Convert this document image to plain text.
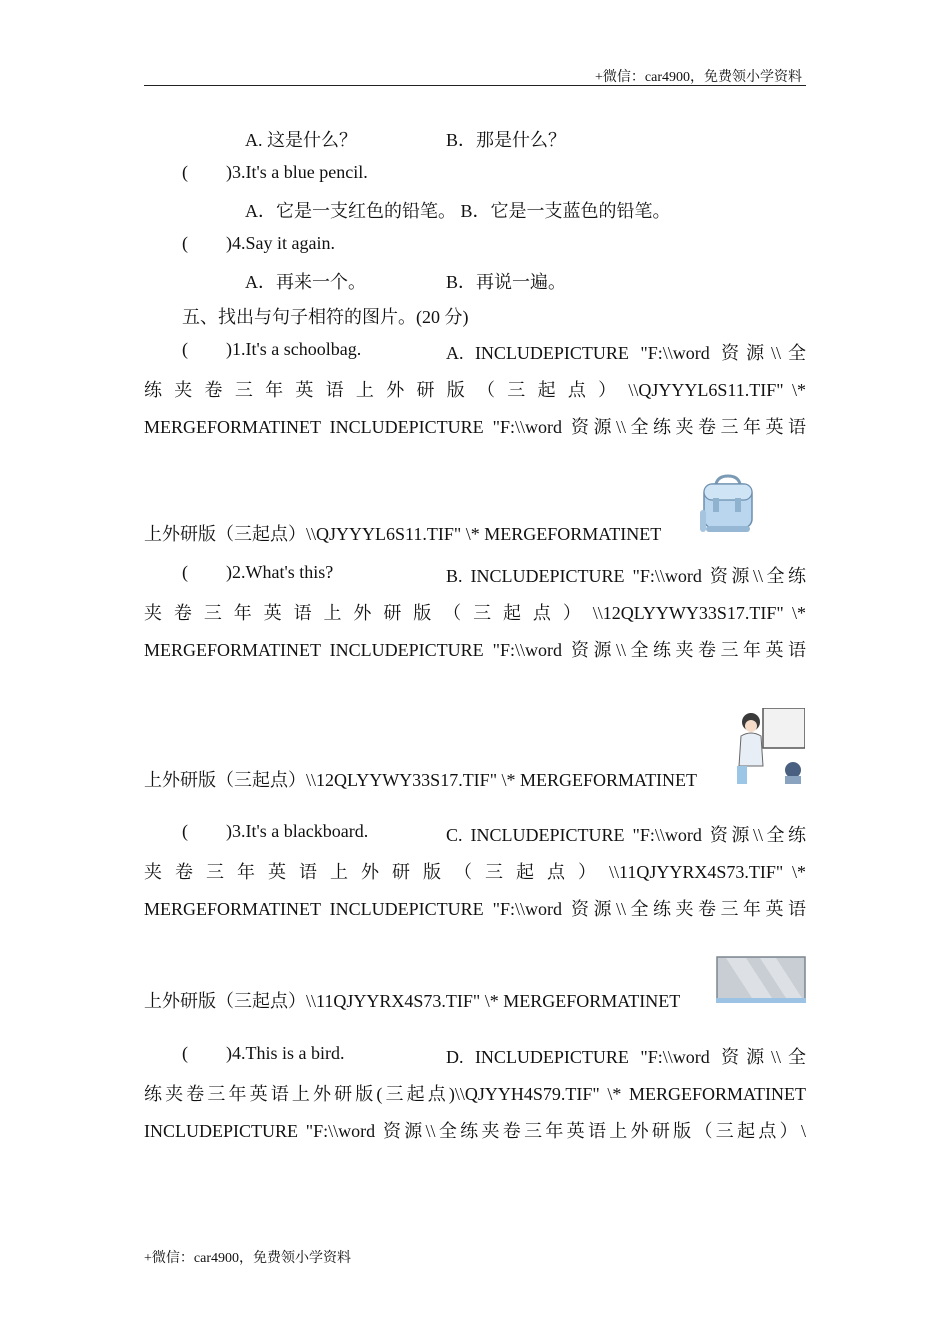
+微信：car4900，免费领小学资料
A. 这是什么？	B．那是什么？
( )3.It's a blue pencil.
A．它是一支红色的铅笔。 B．它是一支蓝色的铅笔。
( )4.Say it again.
A．再来一个。	B．再说一遍。
五、找出与句子相符的图片。(20 分)
( )1.It's a schoolbag.	A. INCLUDEPICTURE "F:\\word 资源\\全
练 夹 卷 三 年 英 语 上 外 研 版 （ 三 起 点 ） \\QJYYYL6S11.TIF" \*
MERGEFORMATINET INCLUDEPICTURE "F:\\word 资源\\全练夹卷三年英语
上外研版（三起点）\\QJYYYL6S11.TIF" \* MERGEFORMATINET
( )2.What's this?	B. INCLUDEPICTURE "F:\\word 资源\\全练
夹 卷 三 年 英 语 上 外 研 版 （ 三 起 点 ） \\12QLYYWY33S17.TIF" \*
MERGEFORMATINET INCLUDEPICTURE "F:\\word 资源\\全练夹卷三年英语
上外研版（三起点）\\12QLYYWY33S17.TIF" \* MERGEFORMATINET
( )3.It's a blackboard.	C. INCLUDEPICTURE "F:\\word 资源\\全练
夹 卷 三 年 英 语 上 外 研 版 （ 三 起 点 ） \\11QJYYRX4S73.TIF" \*
MERGEFORMATINET INCLUDEPICTURE "F:\\word 资源\\全练夹卷三年英语
上外研版（三起点）\\11QJYYRX4S73.TIF" \* MERGEFORMATINET
( )4.This is a bird.	D. INCLUDEPICTURE "F:\\word 资源\\全
练夹卷三年英语上外研版(三起点)\\QJYYH4S79.TIF" \* MERGEFORMATINET
INCLUDEPICTURE "F:\\word 资源\\全练夹卷三年英语上外研版（三起点）\
+微信：car4900，免费领小学资料
